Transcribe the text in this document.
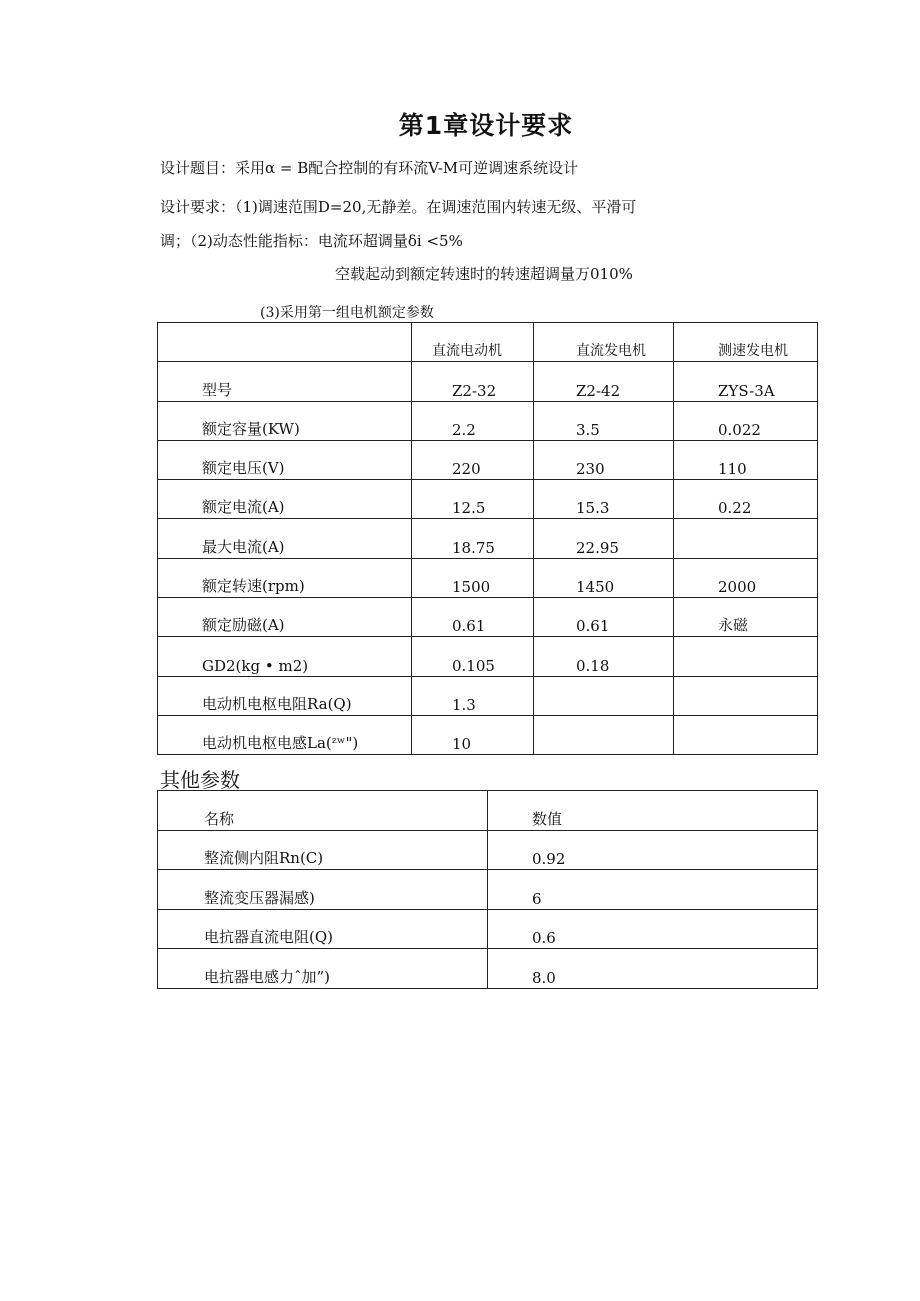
第1章设计要求
设计题目：采用α = B配合控制的有环流V-M可逆调速系统设计
设计要求：（1)调速范围D=20,无静差。在调速范围内转速无级、平滑可
调；（2)动态性能指标：电流环超调量δi <5%
空载起动到额定转速时的转速超调量万010%
(3)采用第一组电机额定参数
	直流电动机	直流发电机	测速发电机
型号	Z2-32	Z2-42	ZYS-3A
额定容量(KW)	2.2	3.5	0.022
额定电压(V)	220	230	110
额定电流(A)	12.5	15.3	0.22
最大电流(A)	18.75	22.95	
额定转速(rpm)	1500	1450	2000
额定励磁(A)	0.61	0.61	永磁
GD2(kg • m2)	0.105	0.18	
电动机电枢电阻Ra(Q)	1.3		
电动机电枢电感La(ᶻʷ")	10		
其他参数
名称	数值
整流侧内阻Rn(C)	0.92
整流变压器漏感)	6
电抗器直流电阻(Q)	0.6
电抗器电感力ˆ加”)	8.0
